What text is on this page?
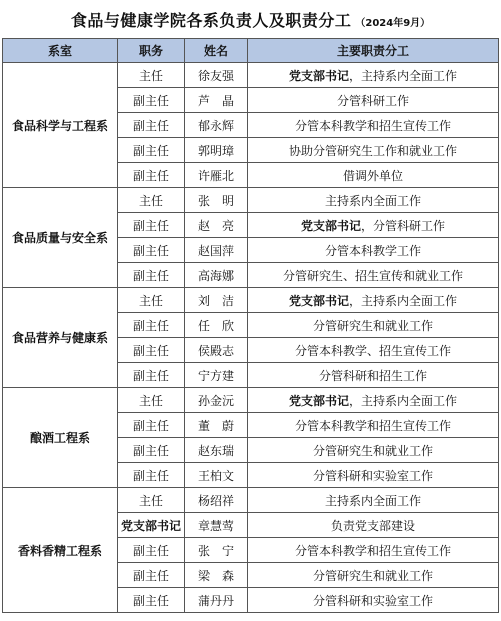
食品与健康学院各系负责人及职责分工 （2024年9月）
系室	职务	姓名	主要职责分工
食品科学与工程系	主任	徐友强	党支部书记，主持系内全面工作
	副主任	芦　晶	分管科研工作
	副主任	郁永辉	分管本科教学和招生宣传工作
	副主任	郭明璋	协助分管研究生工作和就业工作
	副主任	许雁北	借调外单位
食品质量与安全系	主任	张　明	主持系内全面工作
	副主任	赵　亮	党支部书记，分管科研工作
	副主任	赵国萍	分管本科教学工作
	副主任	高海娜	分管研究生、招生宣传和就业工作
食品营养与健康系	主任	刘　洁	党支部书记，主持系内全面工作
	副主任	任　欣	分管研究生和就业工作
	副主任	侯殿志	分管本科教学、招生宣传工作
	副主任	宁方建	分管科研和招生工作
酿酒工程系	主任	孙金沅	党支部书记，主持系内全面工作
	副主任	董　蔚	分管本科教学和招生宣传工作
	副主任	赵东瑞	分管研究生和就业工作
	副主任	王柏文	分管科研和实验室工作
香料香精工程系	主任	杨绍祥	主持系内全面工作
	党支部书记	章慧莺	负责党支部建设
	副主任	张　宁	分管本科教学和招生宣传工作
	副主任	梁　森	分管研究生和就业工作
	副主任	蒲丹丹	分管科研和实验室工作
